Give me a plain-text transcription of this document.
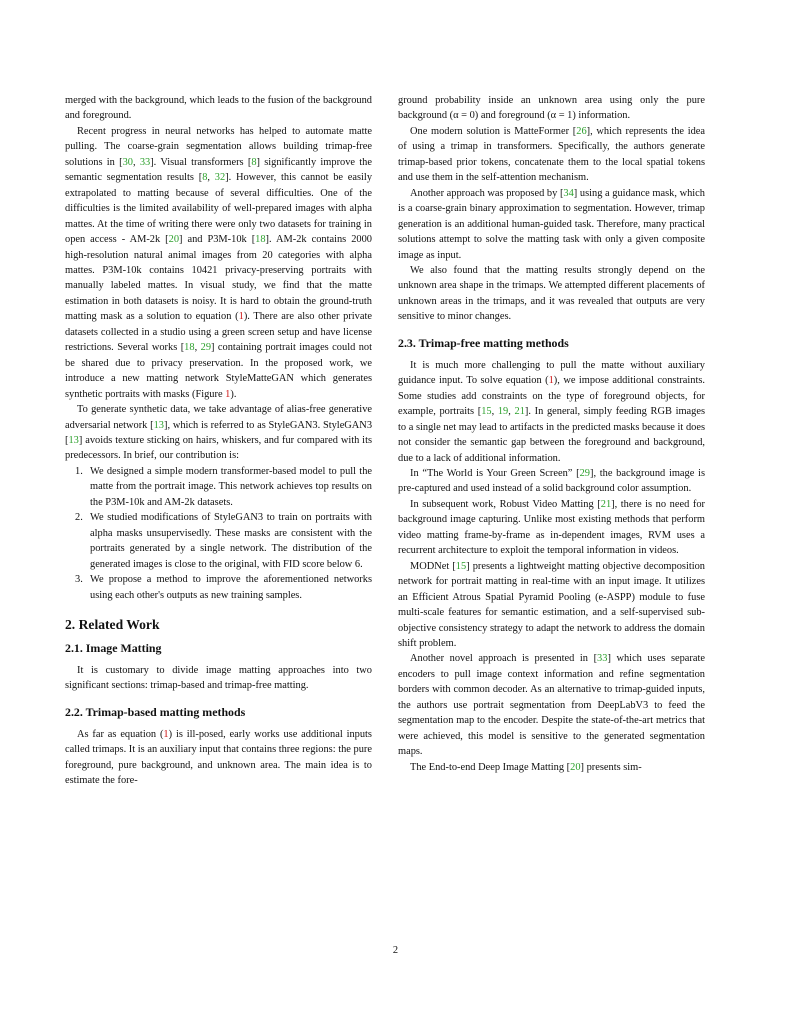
merged with the background, which leads to the fusion of the background and foreground.

Recent progress in neural networks has helped to automate matte pulling. The coarse-grain segmentation allows building trimap-free solutions in [30, 33]. Visual transformers [8] significantly improve the semantic segmentation results [8, 32]. However, this cannot be easily extrapolated to matting because of several difficulties. One of the difficulties is the limited availability of well-prepared images with alpha mattes. At the time of writing there were only two datasets for training in open access - AM-2k [20] and P3M-10k [18]. AM-2k contains 2000 high-resolution natural animal images from 20 categories with alpha mattes. P3M-10k contains 10421 privacy-preserving portraits with manually labeled mattes. In visual study, we find that the matte estimation in both datasets is noisy. It is hard to obtain the ground-truth matting mask as a solution to equation (1). There are also other private datasets collected in a studio using a green screen setup and have license restrictions. Several works [18, 29] containing portrait images could not be shared due to privacy preservation. In the proposed work, we introduce a new matting network StyleMatteGAN which generates synthetic portraits with masks (Figure 1).

To generate synthetic data, we take advantage of alias-free generative adversarial network [13], which is referred to as StyleGAN3. StyleGAN3 [13] avoids texture sticking on hairs, whiskers, and fur compared with its predecessors. In brief, our contribution is:

1. We designed a simple modern transformer-based model to pull the matte from the portrait image. This network achieves top results on the P3M-10k and AM-2k datasets.
2. We studied modifications of StyleGAN3 to train on portraits with alpha masks unsupervisedly. These masks are consistent with the portraits generated by a single network. The distribution of the generated images is close to the original, with FID score below 6.
3. We propose a method to improve the aforementioned networks using each other's outputs as new training samples.
2. Related Work
2.1. Image Matting

It is customary to divide image matting approaches into two significant sections: trimap-based and trimap-free matting.

2.2. Trimap-based matting methods

As far as equation (1) is ill-posed, early works use additional inputs called trimaps. It is an auxiliary input that contains three regions: the pure foreground, pure background, and unknown area. The main idea is to estimate the fore-

ground probability inside an unknown area using only the pure background (α = 0) and foreground (α = 1) information.

One modern solution is MatteFormer [26], which represents the idea of using a trimap in transformers. Specifically, the authors generate trimap-based prior tokens, concatenate them to the local spatial tokens and use them in the self-attention mechanism.

Another approach was proposed by [34] using a guidance mask, which is a coarse-grain binary approximation to segmentation. However, trimap generation is an additional human-guided task. Therefore, many practical solutions attempt to solve the matting task with only a given composite image as input.

We also found that the matting results strongly depend on the unknown area shape in the trimaps. We attempted different placements of unknown areas in the trimaps, and it was revealed that outputs are very sensitive to minor changes.

2.3. Trimap-free matting methods

It is much more challenging to pull the matte without auxiliary guidance input. To solve equation (1), we impose additional constraints. Some studies add constraints on the type of foreground objects, for example, portraits [15, 19, 21]. In general, simply feeding RGB images to a single net may lead to artifacts in the predicted masks because it does not consider the semantic gap between the foreground and background, due to a lack of additional information.

In “The World is Your Green Screen” [29], the background image is pre-captured and used instead of a solid background color assumption.

In subsequent work, Robust Video Matting [21], there is no need for background image capturing. Unlike most existing methods that perform video matting frame-by-frame as in-dependent images, RVM uses a recurrent architecture to exploit the temporal information in videos.

MODNet [15] presents a lightweight matting objective decomposition network for portrait matting in real-time with an input image. It utilizes an Efficient Atrous Spatial Pyramid Pooling (e-ASPP) module to fuse multi-scale features for semantic estimation, and a self-supervised sub-objective consistency strategy to adapt the network to address the domain shift problem.

Another novel approach is presented in [33] which uses separate encoders to pull image context information and refine segmentation borders with common decoder. As an alternative to trimap-guided inputs, the authors use portrait segmentation from DeepLabV3 to feed the segmentation map to the encoder. Despite the state-of-the-art metrics that were achieved, this model is sensitive to the generated segmentation maps.

The End-to-end Deep Image Matting [20] presents sim-

2
